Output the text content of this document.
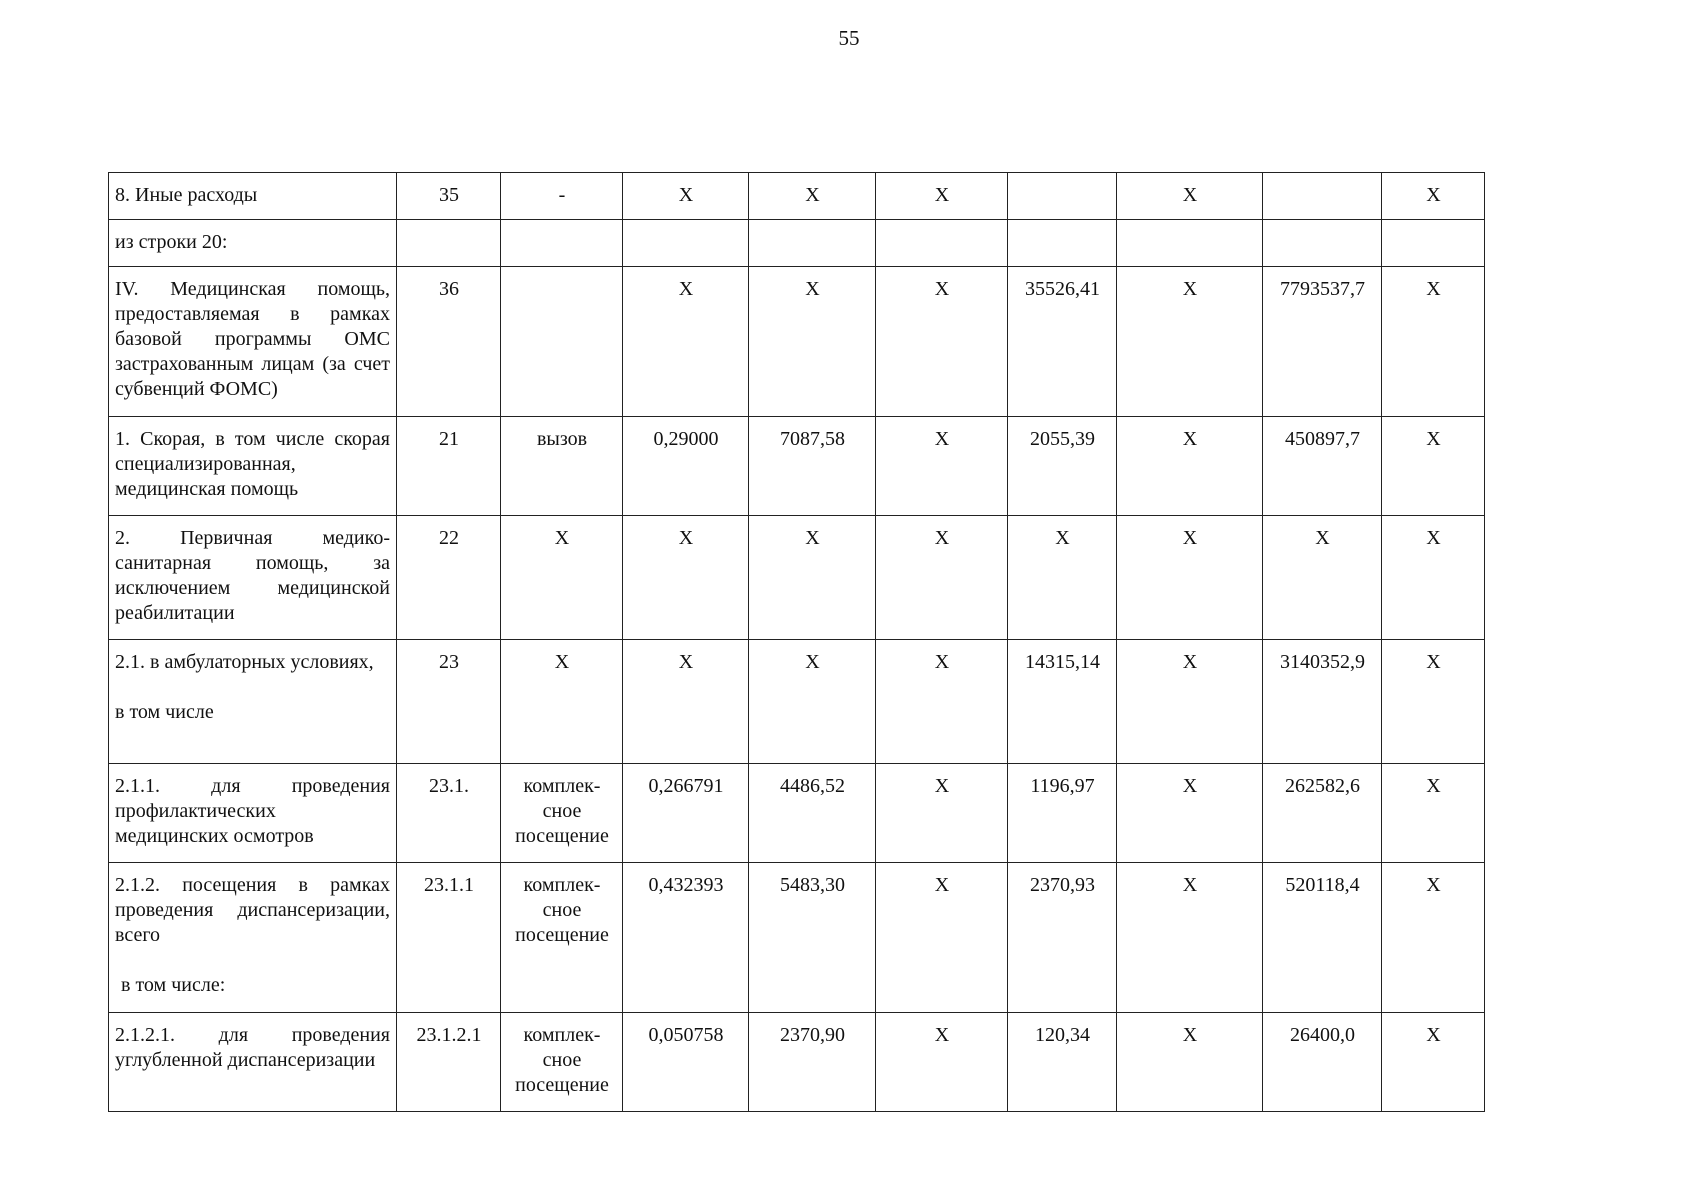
55
8. Иные расходы	35	-	X	X	X		X		X

из строки 20:									

IV. Медицинская помощь, предоставляемая в рамках базовой программы ОМС застрахованным лицам (за счет субвенций ФОМС)	36		X	X	X	35526,41	X	7793537,7	X

1. Скорая, в том числе скорая специализированная, медицинская помощь	21	вызов	0,29000	7087,58	X	2055,39	X	450897,7	X

2. Первичная медико-санитарная помощь, за исключением медицинской реабилитации	22	X	X	X	X	X	X	X	X

2.1. в амбулаторных условиях,
в том числе	23	X	X	X	X	14315,14	X	3140352,9	X

2.1.1. для проведения профилактических медицинских осмотров	23.1.	комплек-сное посещение	0,266791	4486,52	X	1196,97	X	262582,6	X

2.1.2. посещения в рамках проведения диспансеризации, всего
в том числе:	23.1.1	комплек-сное посещение	0,432393	5483,30	X	2370,93	X	520118,4	X

2.1.2.1. для проведения углубленной диспансеризации	23.1.2.1	комплек-сное посещение	0,050758	2370,90	X	120,34	X	26400,0	X
